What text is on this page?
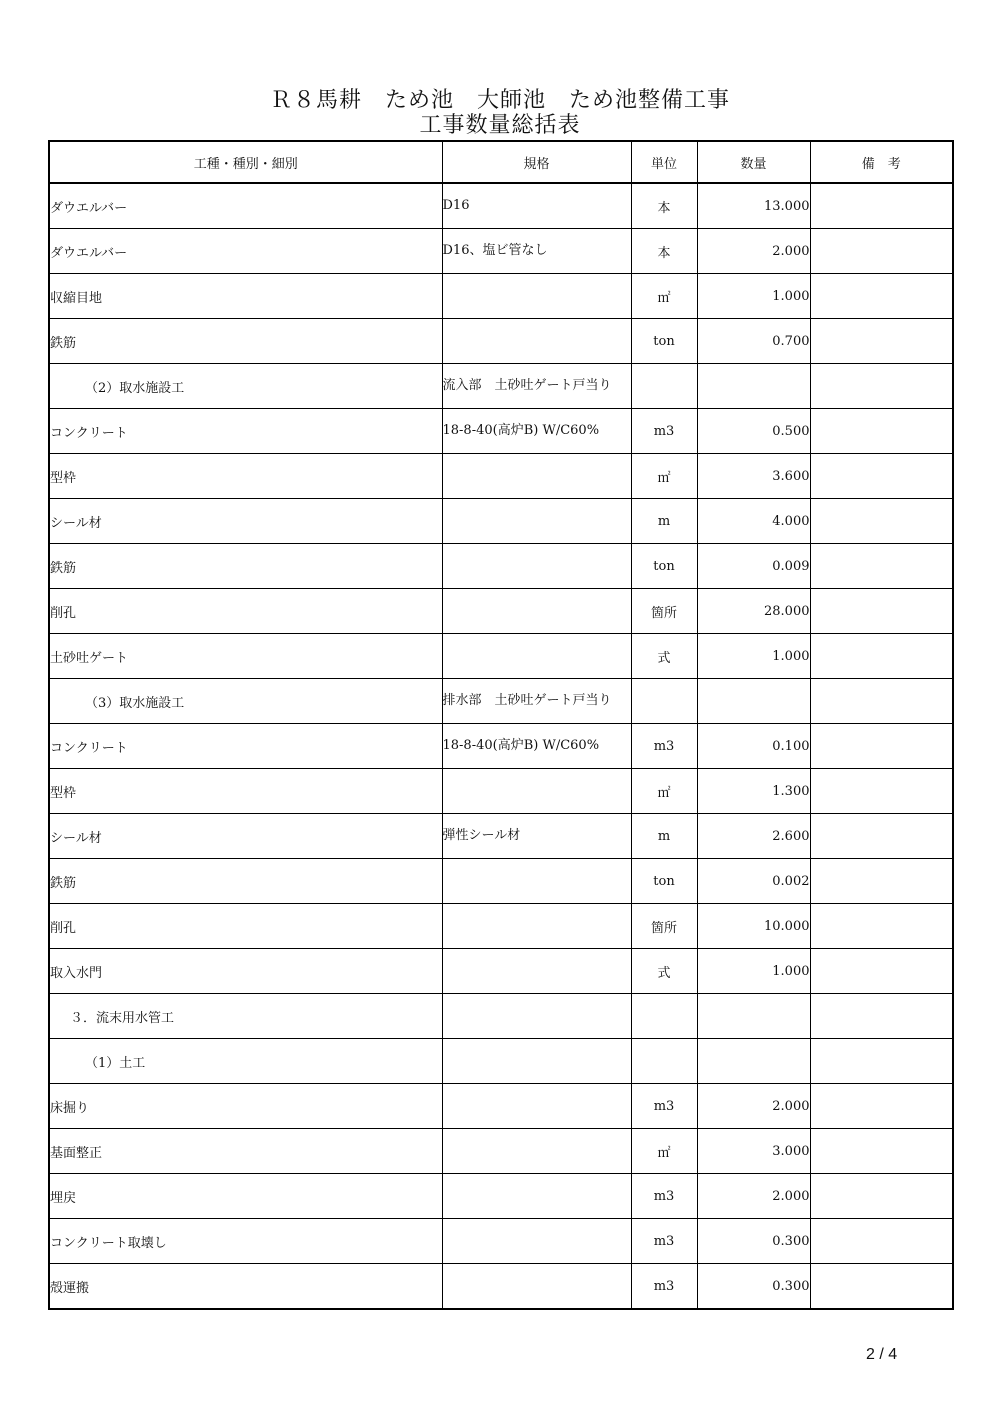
Ｒ８馬耕　ため池　大師池　ため池整備工事
工事数量総括表
工種・種別・細別	規格	単位	数量	備　考
ダウエルバー	D16	本	13.000	
ダウエルバー	D16、塩ビ管なし	本	2.000	
収縮目地		㎡	1.000	
鉄筋		ton	0.700	
（2）取水施設工	流入部　土砂吐ゲート戸当り			
コンクリート	18-8-40(高炉B) W/C60%	m3	0.500	
型枠		㎡	3.600	
シール材		m	4.000	
鉄筋		ton	0.009	
削孔		箇所	28.000	
土砂吐ゲート		式	1.000	
（3）取水施設工	排水部　土砂吐ゲート戸当り			
コンクリート	18-8-40(高炉B) W/C60%	m3	0.100	
型枠		㎡	1.300	
シール材	弾性シール材	m	2.600	
鉄筋		ton	0.002	
削孔		箇所	10.000	
取入水門		式	1.000	
３．流末用水管工				
（1）土工				
床掘り		m3	2.000	
基面整正		㎡	3.000	
埋戻		m3	2.000	
コンクリート取壊し		m3	0.300	
殻運搬		m3	0.300	
2 / 4
